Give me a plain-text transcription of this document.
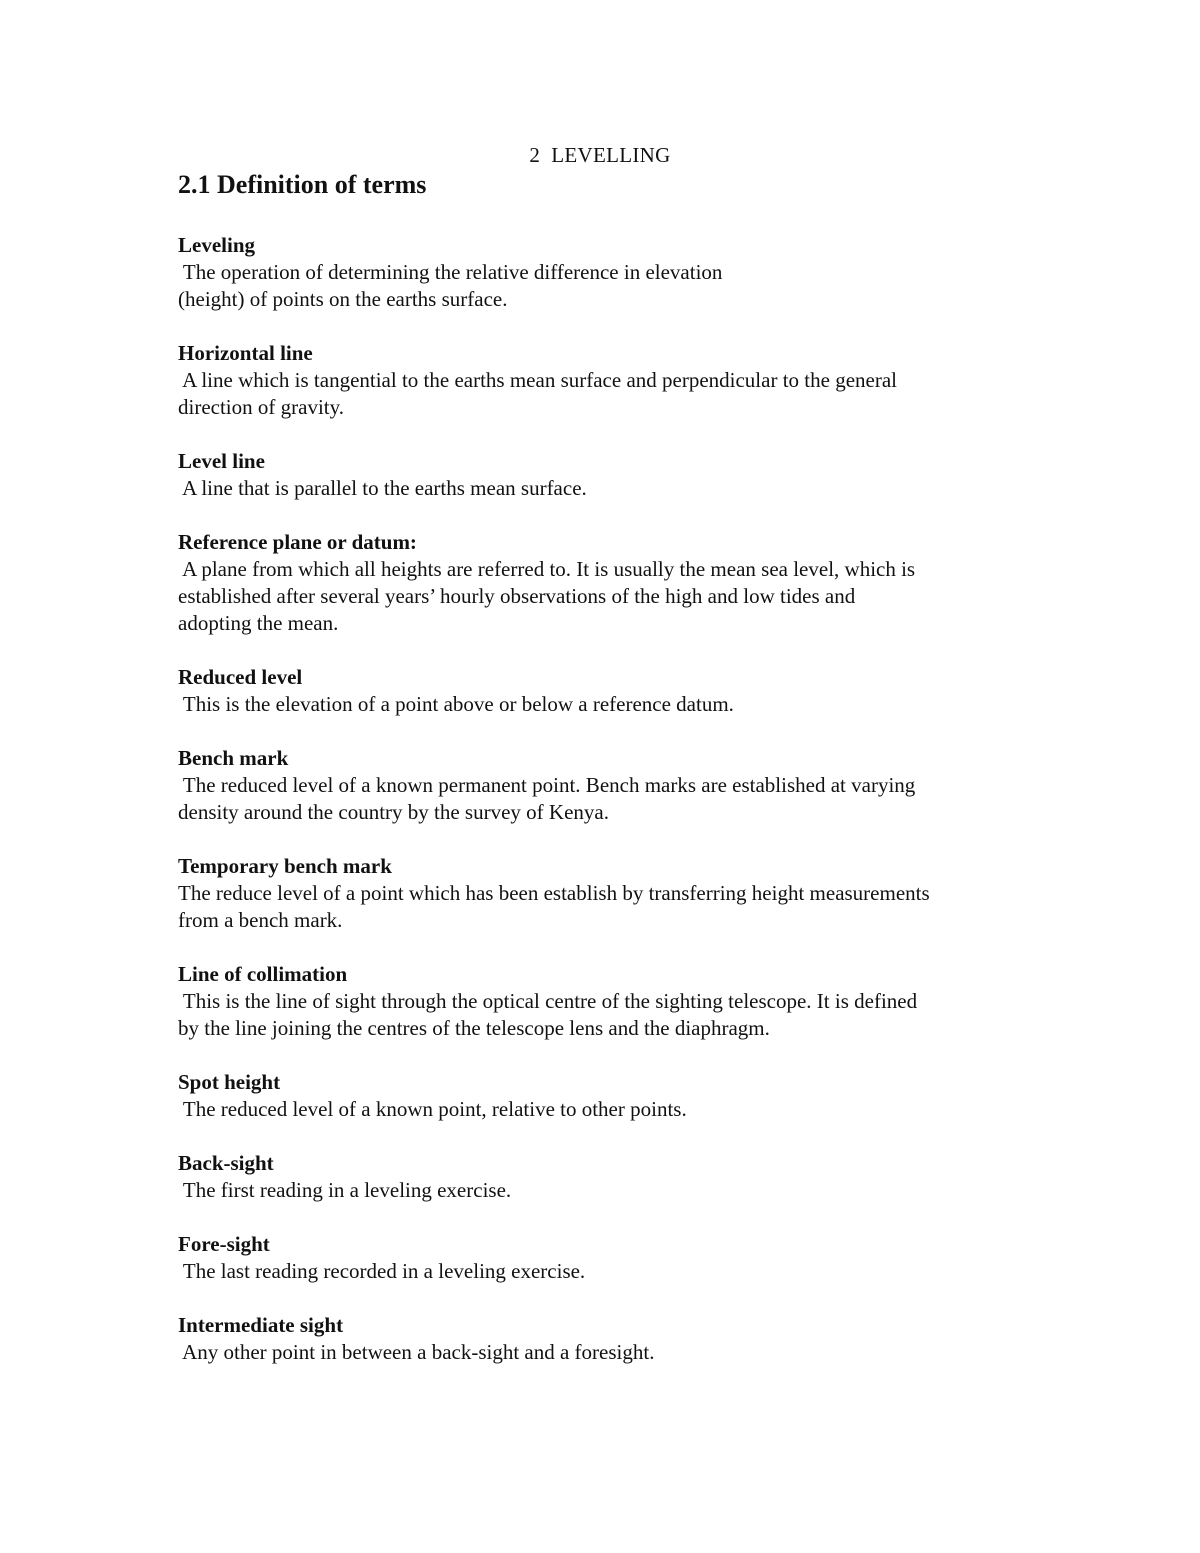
2  LEVELLING
2.1 Definition of terms
Leveling
The operation of determining the relative difference in elevation
(height) of points on the earths surface.
Horizontal line
A line which is tangential to the earths mean surface and perpendicular to the general
direction of gravity.
Level line
A line that is parallel to the earths mean surface.
Reference plane or datum:
A plane from which all heights are referred to. It is usually the mean sea level, which is
established after several years’ hourly observations of the high and low tides and
adopting the mean.
Reduced level
This is the elevation of a point above or below a reference datum.
Bench mark
The reduced level of a known permanent point. Bench marks are established at varying
density around the country by the survey of Kenya.
Temporary bench mark
The reduce level of a point which has been establish by transferring height measurements
from a bench mark.
Line of collimation
This is the line of sight through the optical centre of the sighting telescope. It is defined
by the line joining the centres of the telescope lens and the diaphragm.
Spot height
The reduced level of a known point, relative to other points.
Back-sight
The first reading in a leveling exercise.
Fore-sight
The last reading recorded in a leveling exercise.
Intermediate sight
Any other point in between a back-sight and a foresight.
